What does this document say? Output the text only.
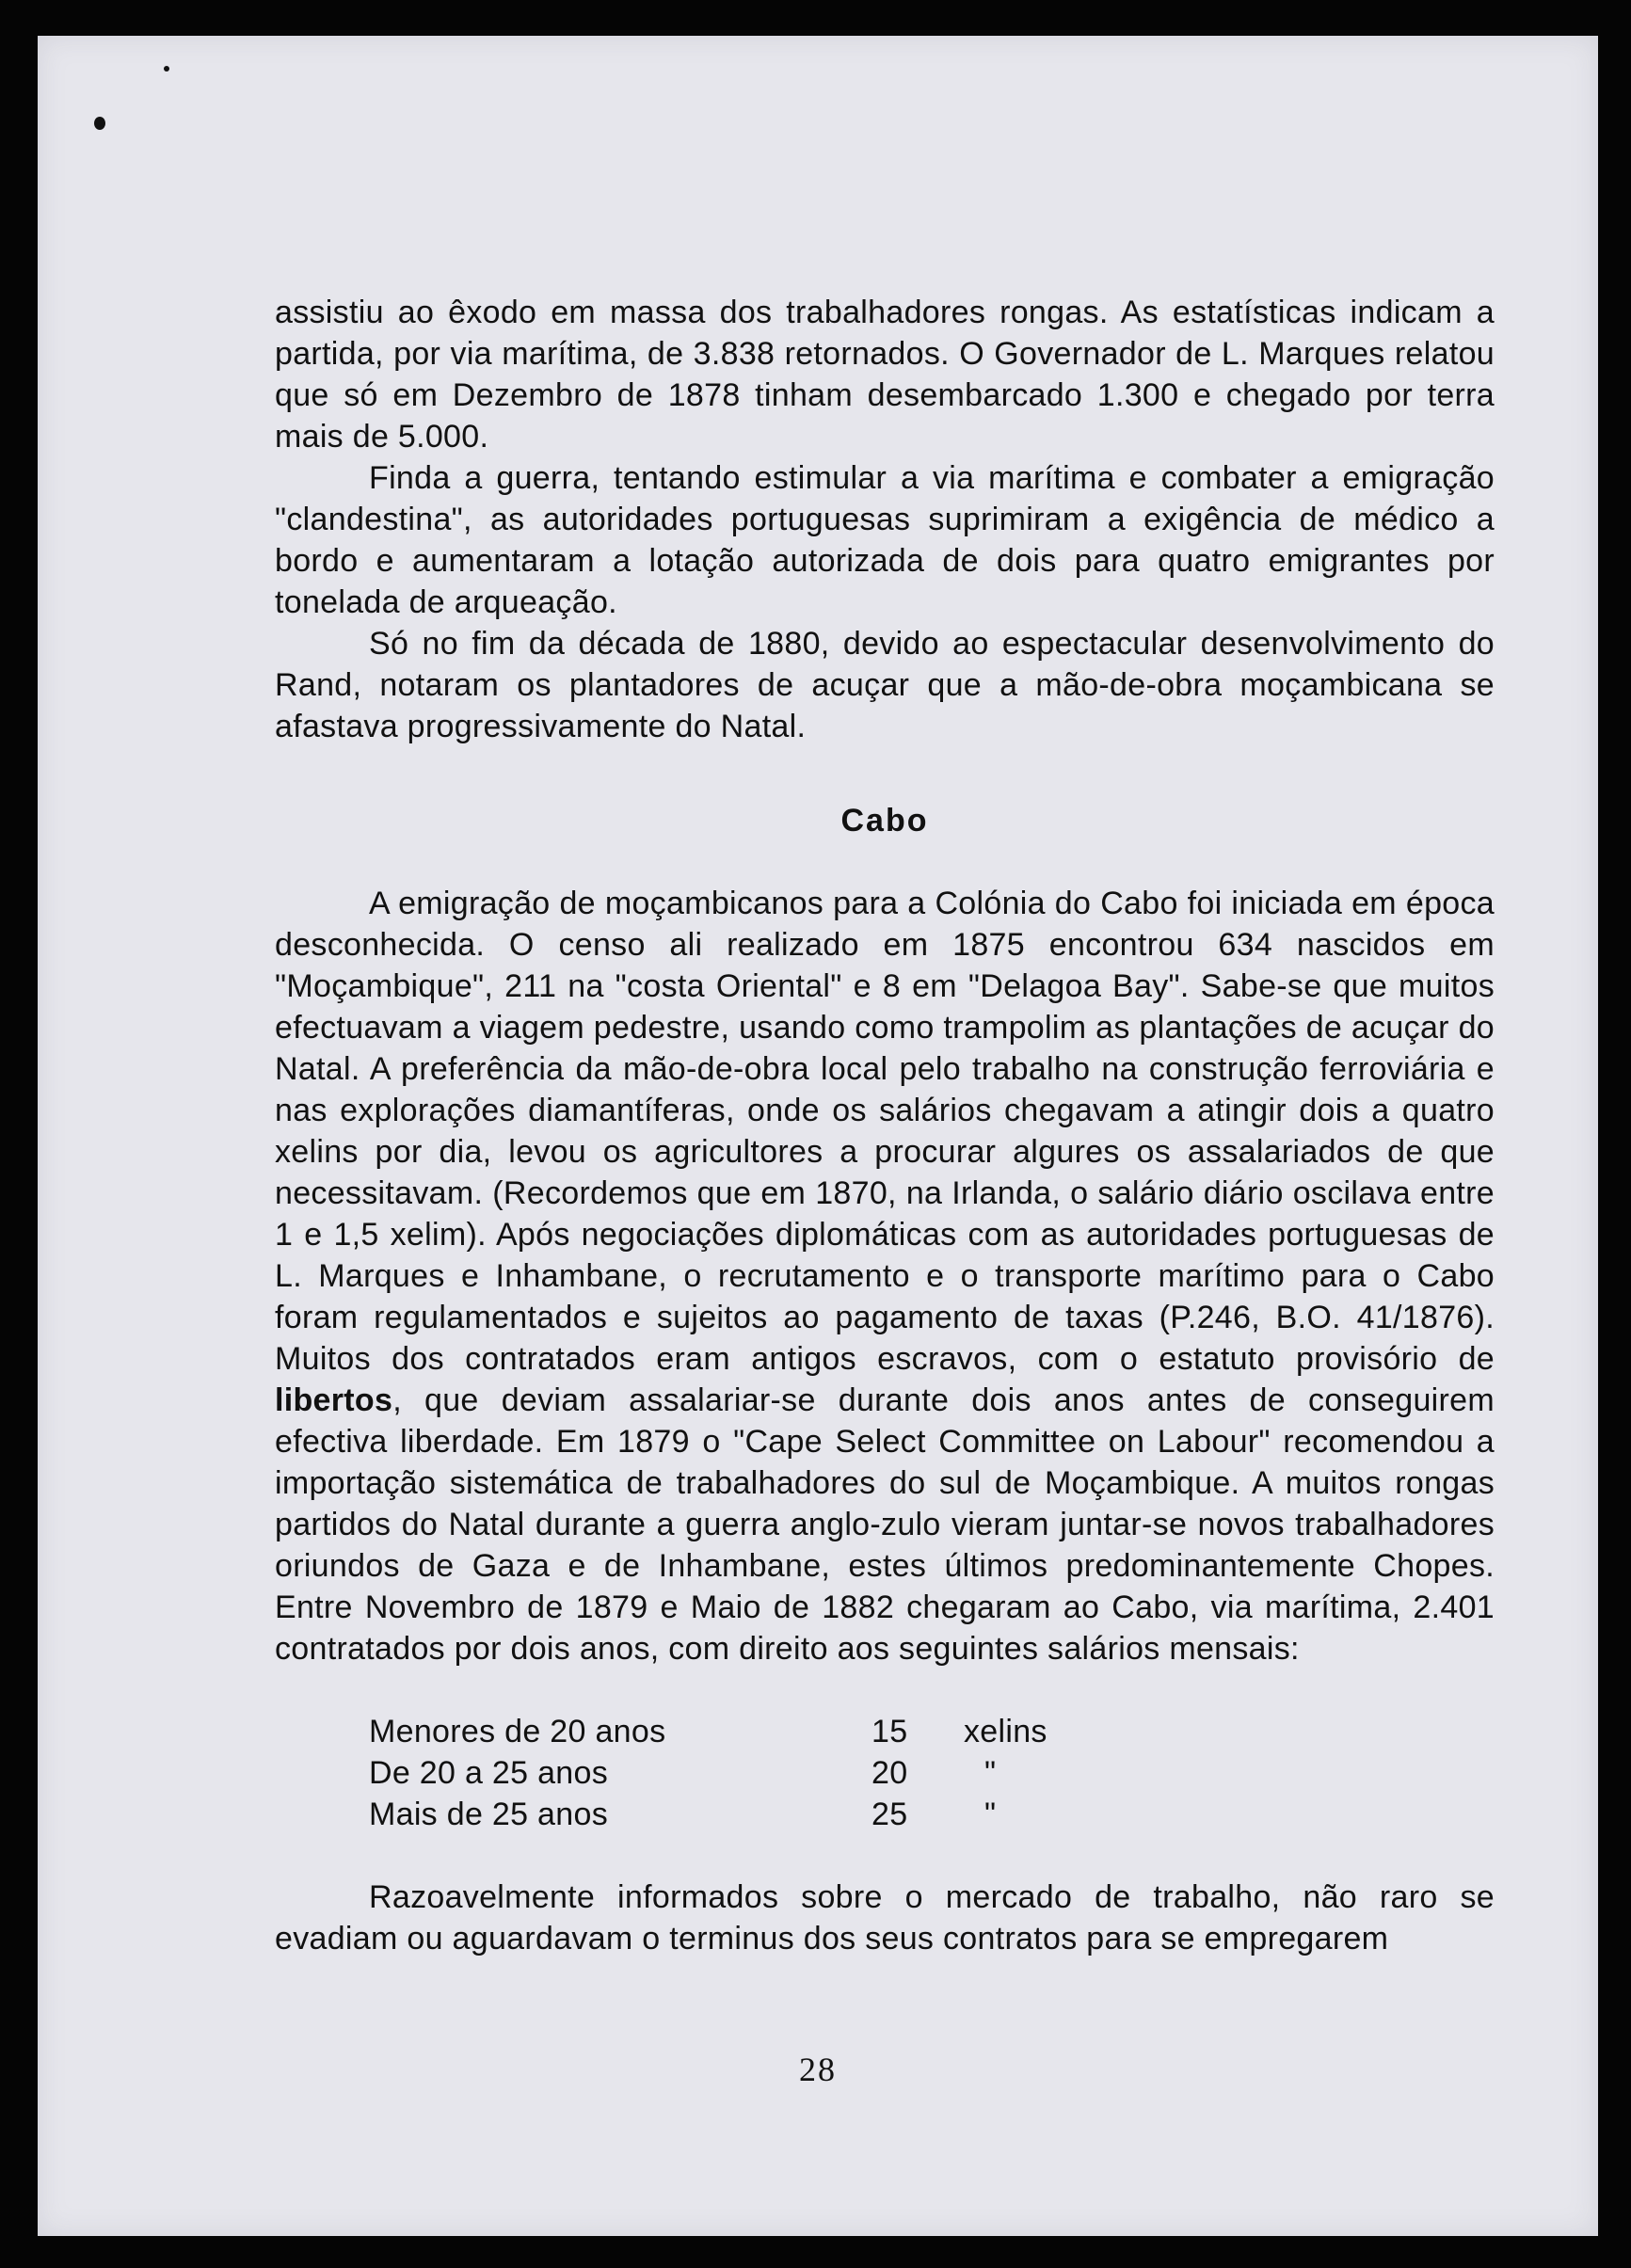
assistiu ao êxodo em massa dos trabalhadores rongas. As estatísticas indicam a partida, por via marítima, de 3.838 retornados. O Governador de L. Marques relatou que só em Dezembro de 1878 tinham desembarcado 1.300 e chegado por terra mais de 5.000.

Finda a guerra, tentando estimular a via marítima e combater a emigração "clandestina", as autoridades portuguesas suprimiram a exigência de médico a bordo e aumentaram a lotação autorizada de dois para quatro emigrantes por tonelada de arqueação.

Só no fim da década de 1880, devido ao espectacular desenvolvimento do Rand, notaram os plantadores de acuçar que a mão-de-obra moçambicana se afastava progressivamente do Natal.

Cabo

A emigração de moçambicanos para a Colónia do Cabo foi iniciada em época desconhecida. O censo ali realizado em 1875 encontrou 634 nascidos em "Moçambique", 211 na "costa Oriental" e 8 em "Delagoa Bay". Sabe-se que muitos efectuavam a viagem pedestre, usando como trampolim as plantações de acuçar do Natal. A preferência da mão-de-obra local pelo trabalho na construção ferroviária e nas explorações diamantíferas, onde os salários chegavam a atingir dois a quatro xelins por dia, levou os agricultores a procurar algures os assalariados de que necessitavam. (Recordemos que em 1870, na Irlanda, o salário diário oscilava entre 1 e 1,5 xelim). Após negociações diplomáticas com as autoridades portuguesas de L. Marques e Inhambane, o recrutamento e o transporte marítimo para o Cabo foram regulamentados e sujeitos ao pagamento de taxas (P.246, B.O. 41/1876). Muitos dos contratados eram antigos escravos, com o estatuto provisório de libertos, que deviam assalariar-se durante dois anos antes de conseguirem efectiva liberdade. Em 1879 o "Cape Select Committee on Labour" recomendou a importação sistemática de trabalhadores do sul de Moçambique. A muitos rongas partidos do Natal durante a guerra anglo-zulo vieram juntar-se novos trabalhadores oriundos de Gaza e de Inhambane, estes últimos predominantemente Chopes. Entre Novembro de 1879 e Maio de 1882 chegaram ao Cabo, via marítima, 2.401 contratados por dois anos, com direito aos seguintes salários mensais:

Menores de 20 anos	15	xelins
De 20 a 25 anos	20	"
Mais de 25 anos	25	"

Razoavelmente informados sobre o mercado de trabalho, não raro se evadiam ou aguardavam o terminus dos seus contratos para se empregarem

28
